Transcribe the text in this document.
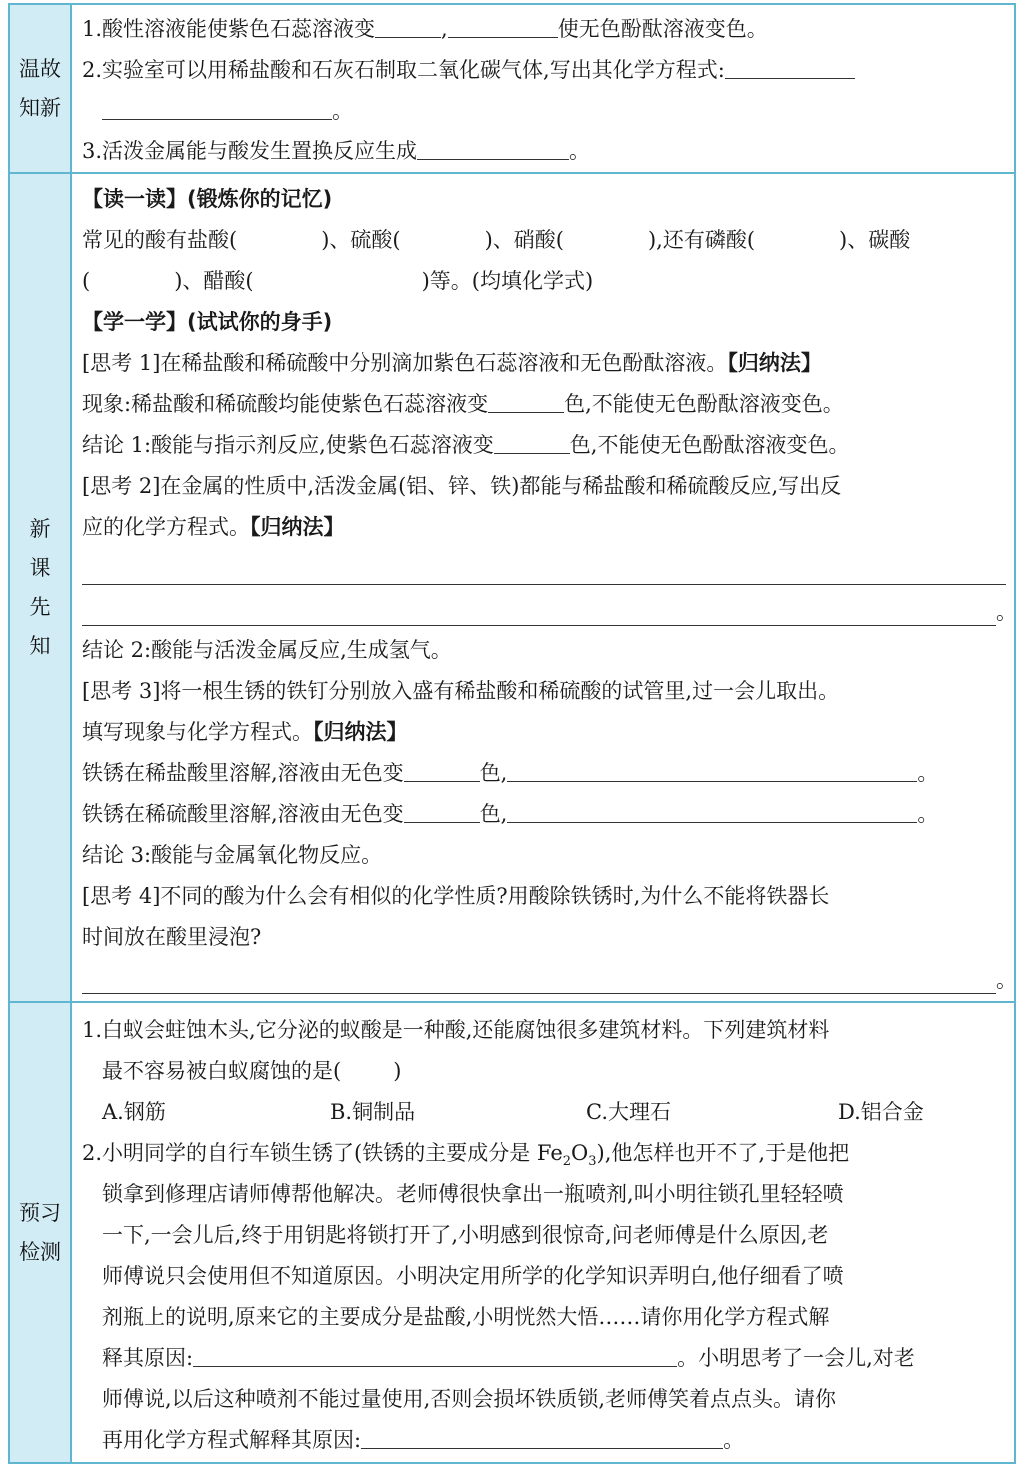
温故
知新
1.酸性溶液能使紫色石蕊溶液变	,	使无色酚酞溶液变色。
2.实验室可以用稀盐酸和石灰石制取二氧化碳气体,写出其化学方程式:
。
3.活泼金属能与酸发生置换反应生成	。
新
课
先
知
【读一读】(锻炼你的记忆)
常见的酸有盐酸(	)、硫酸(	)、硝酸(	),还有磷酸(	)、碳酸
(	)、醋酸(	)等。(均填化学式)
【学一学】(试试你的身手)
[思考 1]在稀盐酸和稀硫酸中分别滴加紫色石蕊溶液和无色酚酞溶液。【归纳法】
现象:稀盐酸和稀硫酸均能使紫色石蕊溶液变	色,不能使无色酚酞溶液变色。
结论 1:酸能与指示剂反应,使紫色石蕊溶液变	色,不能使无色酚酞溶液变色。
[思考 2]在金属的性质中,活泼金属(铝、锌、铁)都能与稀盐酸和稀硫酸反应,写出反
应的化学方程式。【归纳法】
。
结论 2:酸能与活泼金属反应,生成氢气。
[思考 3]将一根生锈的铁钉分别放入盛有稀盐酸和稀硫酸的试管里,过一会儿取出。
填写现象与化学方程式。【归纳法】
铁锈在稀盐酸里溶解,溶液由无色变	色,	。
铁锈在稀硫酸里溶解,溶液由无色变	色,	。
结论 3:酸能与金属氧化物反应。
[思考 4]不同的酸为什么会有相似的化学性质?用酸除铁锈时,为什么不能将铁器长
时间放在酸里浸泡?
。
预习
检测
1.白蚁会蛀蚀木头,它分泌的蚁酸是一种酸,还能腐蚀很多建筑材料。下列建筑材料
最不容易被白蚁腐蚀的是( )
A.钢筋	B.铜制品	C.大理石	D.铝合金
2.小明同学的自行车锁生锈了(铁锈的主要成分是 $Fe_2O_3$),他怎样也开不了,于是他把
锁拿到修理店请师傅帮他解决。老师傅很快拿出一瓶喷剂,叫小明往锁孔里轻轻喷
一下,一会儿后,终于用钥匙将锁打开了,小明感到很惊奇,问老师傅是什么原因,老
师傅说只会使用但不知道原因。小明决定用所学的化学知识弄明白,他仔细看了喷
剂瓶上的说明,原来它的主要成分是盐酸,小明恍然大悟……请你用化学方程式解
释其原因:	。小明思考了一会儿,对老
师傅说,以后这种喷剂不能过量使用,否则会损坏铁质锁,老师傅笑着点点头。请你
再用化学方程式解释其原因:	。
